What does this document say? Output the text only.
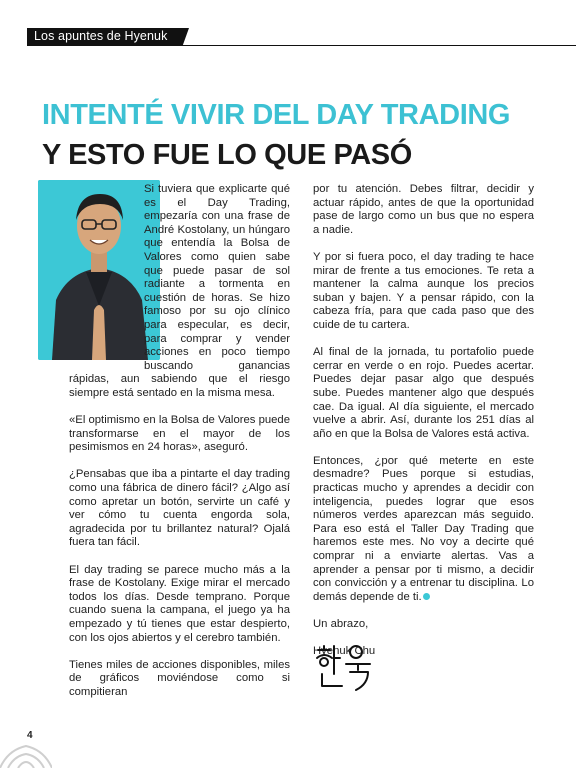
Los apuntes de Hyenuk
INTENTÉ VIVIR DEL DAY TRADING
Y ESTO FUE LO QUE PASÓ

Si tuviera que explicarte qué es el Day Trading, empezaría con una frase de André Kostolany, un húngaro que entendía la Bolsa de Valores como quien sabe que puede pasar de sol radiante a tormenta en cuestión de horas. Se hizo famoso por su ojo clínico para especular, es decir, para comprar y vender acciones en poco tiempo buscando ganancias rápidas, aun sabiendo que el riesgo siempre está sentado en la misma mesa.

«El optimismo en la Bolsa de Valores puede transformarse en el mayor de los pesimismos en 24 horas», aseguró.

¿Pensabas que iba a pintarte el day trading como una fábrica de dinero fácil? ¿Algo así como apretar un botón, servirte un café y ver cómo tu cuenta engorda sola, agradecida por tu brillantez natural? Ojalá fuera tan fácil.

El day trading se parece mucho más a la frase de Kostolany. Exige mirar el mercado todos los días. Desde temprano. Porque cuando suena la campana, el juego ya ha empezado y tú tienes que estar despierto, con los ojos abiertos y el cerebro también.

Tienes miles de acciones disponibles, miles de gráficos moviéndose como si compitieran

por tu atención. Debes filtrar, decidir y actuar rápido, antes de que la oportunidad pase de largo como un bus que no espera a nadie.

Y por si fuera poco, el day trading te hace mirar de frente a tus emociones. Te reta a mantener la calma aunque los precios suban y bajen. Y a pensar rápido, con la cabeza fría, para que cada paso que des cuide de tu cartera.

Al final de la jornada, tu portafolio puede cerrar en verde o en rojo. Puedes acertar. Puedes dejar pasar algo que después sube. Puedes mantener algo que después cae. Da igual. Al día siguiente, el mercado vuelve a abrir. Así, durante los 251 días al año en que la Bolsa de Valores está activa.

Entonces, ¿por qué meterte en este desmadre? Pues porque si estudias, practicas mucho y aprendes a decidir con inteligencia, puedes lograr que esos números verdes aparezcan más seguido. Para eso está el Taller Day Trading que haremos este mes. No voy a decirte qué comprar ni a enviarte alertas. Vas a aprender a pensar por ti mismo, a decidir con convicción y a entrenar tu disciplina. Lo demás depende de ti.

Un abrazo,

Hyenuk Chu

4
